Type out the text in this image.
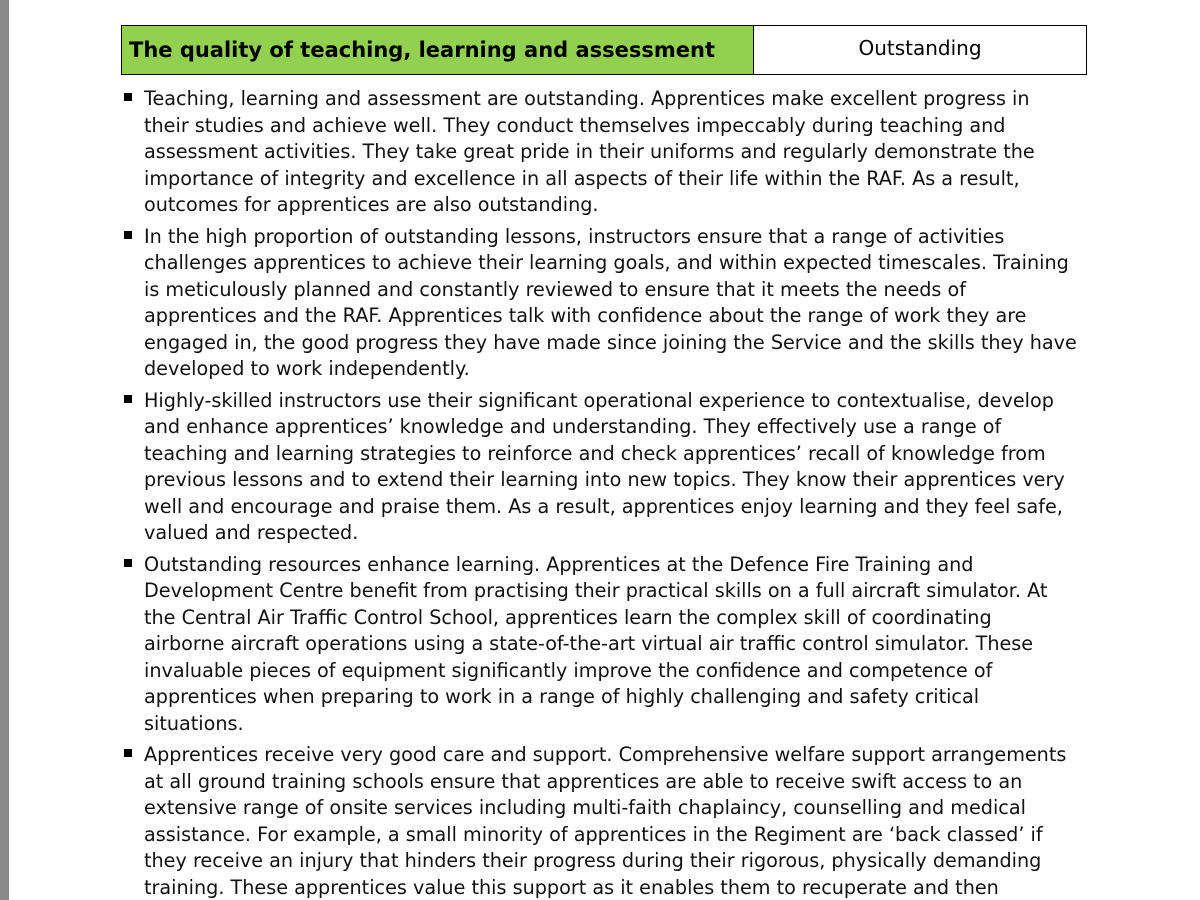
The quality of teaching, learning and assessment	Outstanding
Teaching, learning and assessment are outstanding. Apprentices make excellent progress in
their studies and achieve well. They conduct themselves impeccably during teaching and
assessment activities. They take great pride in their uniforms and regularly demonstrate the
importance of integrity and excellence in all aspects of their life within the RAF. As a result,
outcomes for apprentices are also outstanding.
In the high proportion of outstanding lessons, instructors ensure that a range of activities
challenges apprentices to achieve their learning goals, and within expected timescales. Training
is meticulously planned and constantly reviewed to ensure that it meets the needs of
apprentices and the RAF. Apprentices talk with confidence about the range of work they are
engaged in, the good progress they have made since joining the Service and the skills they have
developed to work independently.
Highly-skilled instructors use their significant operational experience to contextualise, develop
and enhance apprentices’ knowledge and understanding. They effectively use a range of
teaching and learning strategies to reinforce and check apprentices’ recall of knowledge from
previous lessons and to extend their learning into new topics. They know their apprentices very
well and encourage and praise them. As a result, apprentices enjoy learning and they feel safe,
valued and respected.
Outstanding resources enhance learning. Apprentices at the Defence Fire Training and
Development Centre benefit from practising their practical skills on a full aircraft simulator. At
the Central Air Traffic Control School, apprentices learn the complex skill of coordinating
airborne aircraft operations using a state-of-the-art virtual air traffic control simulator. These
invaluable pieces of equipment significantly improve the confidence and competence of
apprentices when preparing to work in a range of highly challenging and safety critical
situations.
Apprentices receive very good care and support. Comprehensive welfare support arrangements
at all ground training schools ensure that apprentices are able to receive swift access to an
extensive range of onsite services including multi-faith chaplaincy, counselling and medical
assistance. For example, a small minority of apprentices in the Regiment are ‘back classed’ if
they receive an injury that hinders their progress during their rigorous, physically demanding
training. These apprentices value this support as it enables them to recuperate and then
